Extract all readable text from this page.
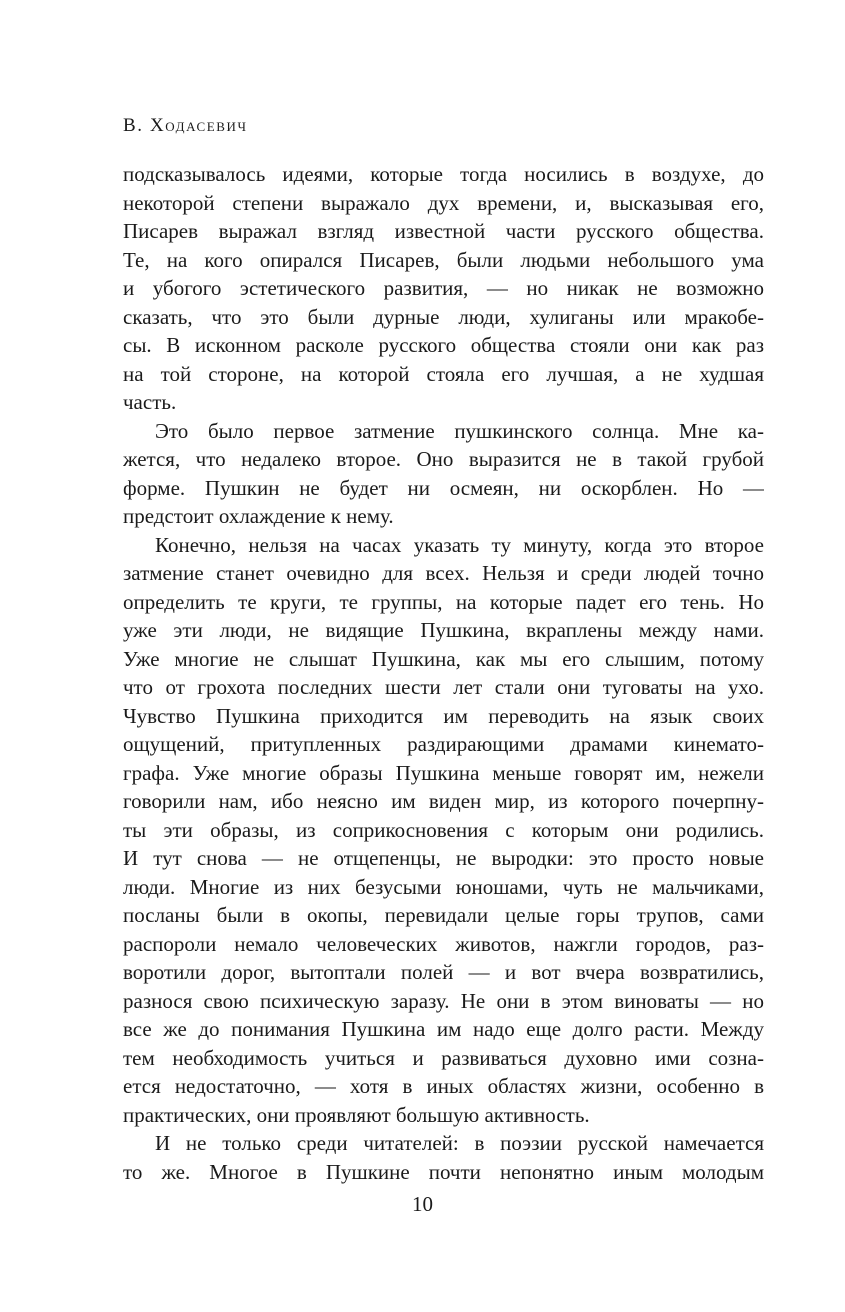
В. Ходасевич
подсказывалось идеями, которые тогда носились в воздухе, до
некоторой степени выражало дух времени, и, высказывая его,
Писарев выражал взгляд известной части русского общества.
Те, на кого опирался Писарев, были людьми небольшого ума
и убогого эстетического развития, — но никак не возможно
сказать, что это были дурные люди, хулиганы или мракобе-
сы. В исконном расколе русского общества стояли они как раз
на той стороне, на которой стояла его лучшая, а не худшая
часть.
Это было первое затмение пушкинского солнца. Мне ка-
жется, что недалеко второе. Оно выразится не в такой грубой
форме. Пушкин не будет ни осмеян, ни оскорблен. Но —
предстоит охлаждение к нему.
Конечно, нельзя на часах указать ту минуту, когда это второе
затмение станет очевидно для всех. Нельзя и среди людей точно
определить те круги, те группы, на которые падет его тень. Но
уже эти люди, не видящие Пушкина, вкраплены между нами.
Уже многие не слышат Пушкина, как мы его слышим, потому
что от грохота последних шести лет стали они туговаты на ухо.
Чувство Пушкина приходится им переводить на язык своих
ощущений, притупленных раздирающими драмами кинемато-
графа. Уже многие образы Пушкина меньше говорят им, нежели
говорили нам, ибо неясно им виден мир, из которого почерпну-
ты эти образы, из соприкосновения с которым они родились.
И тут снова — не отщепенцы, не выродки: это просто новые
люди. Многие из них безусыми юношами, чуть не мальчиками,
посланы были в окопы, перевидали целые горы трупов, сами
распороли немало человеческих животов, нажгли городов, раз-
воротили дорог, вытоптали полей — и вот вчера возвратились,
разнося свою психическую заразу. Не они в этом виноваты — но
все же до понимания Пушкина им надо еще долго расти. Между
тем необходимость учиться и развиваться духовно ими созна-
ется недостаточно, — хотя в иных областях жизни, особенно в
практических, они проявляют большую активность.
И не только среди читателей: в поэзии русской намечается
то же. Многое в Пушкине почти непонятно иным молодым
10
